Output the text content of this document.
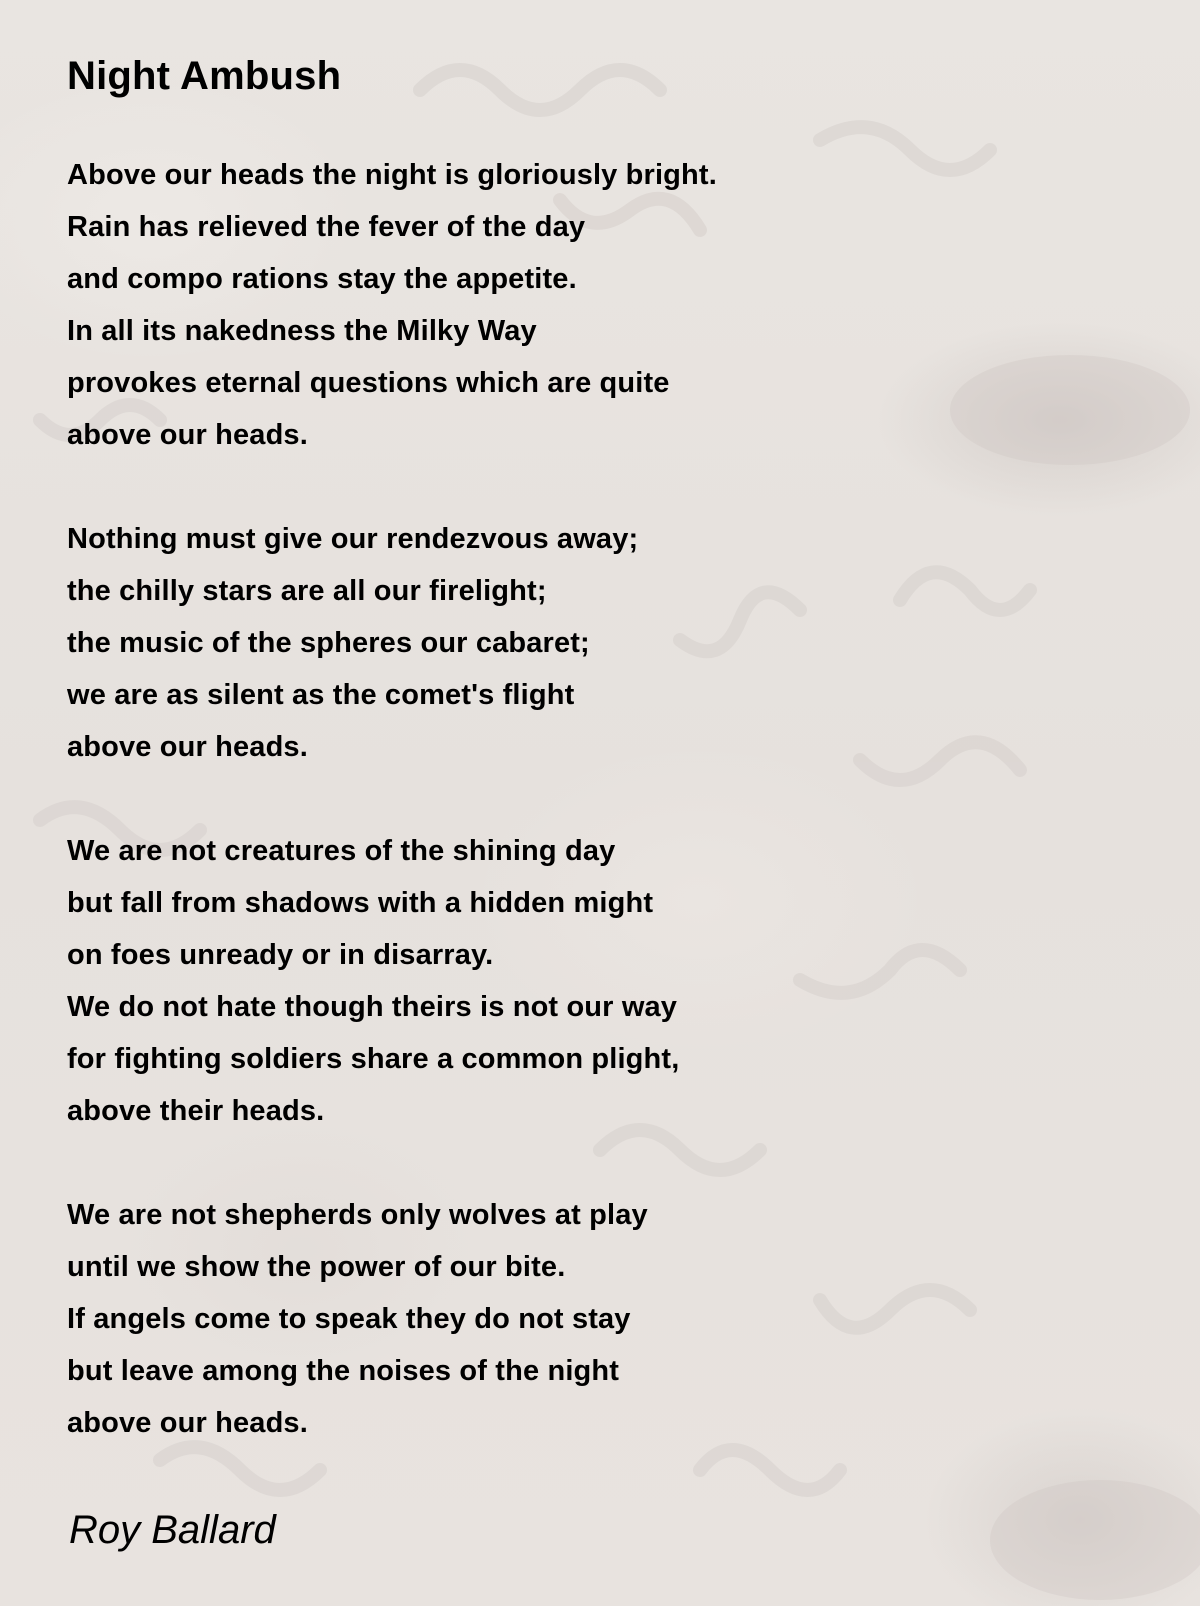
Night Ambush
Above our heads the night is gloriously bright.
Rain has relieved the fever of the day
and compo rations stay the appetite.
In all its nakedness the Milky Way
provokes eternal questions which are quite
above our heads.
Nothing must give our rendezvous away;
the chilly stars are all our firelight;
the music of the spheres our cabaret;
we are as silent as the comet's flight
above our heads.
We are not creatures of the shining day
but fall from shadows with a hidden might
on foes unready or in disarray.
We do not hate though theirs is not our way
for fighting soldiers share a common plight,
above their heads.
We are not shepherds only wolves at play
until we show the power of our bite.
If angels come to speak they do not stay
but leave among the noises of the night
above our heads.

Roy Ballard
